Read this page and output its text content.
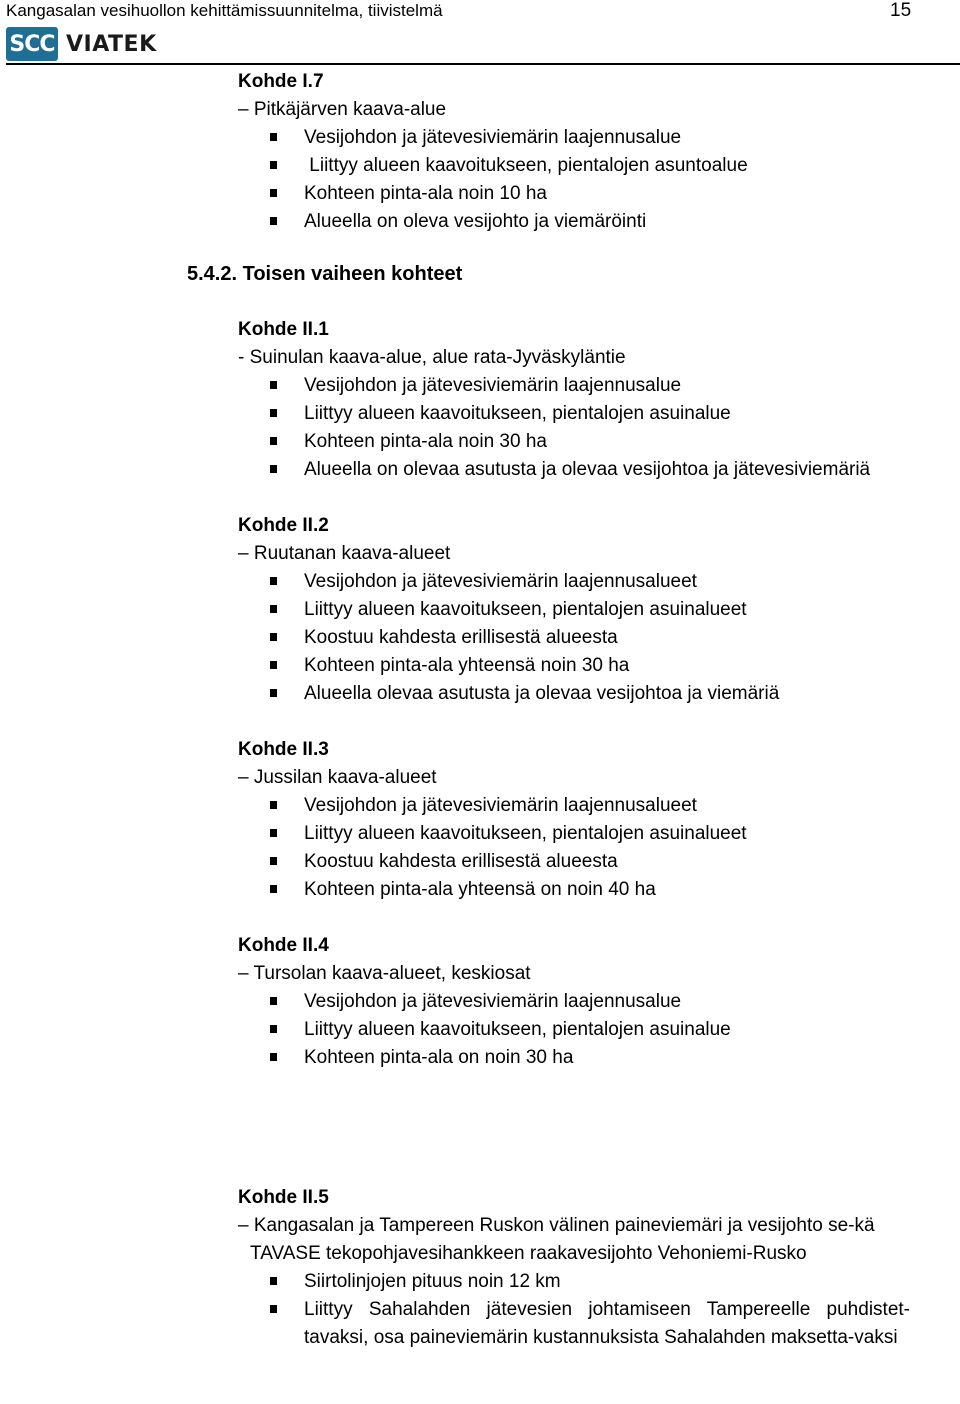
Kangasalan vesihuollon kehittämissuunnitelma, tiivistelmä	15
SCC VIATEK
Kohde I.7
– Pitkäjärven kaava-alue
Vesijohdon ja jätevesiviemärin laajennusalue
Liittyy alueen kaavoitukseen, pientalojen asuntoalue
Kohteen pinta-ala noin 10 ha
Alueella on oleva vesijohto ja viemäröinti
5.4.2. Toisen vaiheen kohteet
Kohde II.1
- Suinulan kaava-alue, alue rata-Jyväskyläntie
Vesijohdon ja jätevesiviemärin laajennusalue
Liittyy alueen kaavoitukseen, pientalojen asuinalue
Kohteen pinta-ala noin 30 ha
Alueella on olevaa asutusta ja olevaa vesijohtoa ja jätevesiviemäriä
Kohde II.2
– Ruutanan kaava-alueet
Vesijohdon ja jätevesiviemärin laajennusalueet
Liittyy alueen kaavoitukseen, pientalojen asuinalueet
Koostuu kahdesta erillisestä alueesta
Kohteen pinta-ala yhteensä noin 30 ha
Alueella olevaa asutusta ja olevaa vesijohtoa ja viemäriä
Kohde II.3
– Jussilan kaava-alueet
Vesijohdon ja jätevesiviemärin laajennusalueet
Liittyy alueen kaavoitukseen, pientalojen asuinalueet
Koostuu kahdesta erillisestä alueesta
Kohteen pinta-ala yhteensä on noin 40 ha
Kohde II.4
– Tursolan kaava-alueet, keskiosat
Vesijohdon ja jätevesiviemärin laajennusalue
Liittyy alueen kaavoitukseen, pientalojen asuinalue
Kohteen pinta-ala on noin 30 ha
Kohde II.5
– Kangasalan ja Tampereen Ruskon välinen paineviemäri ja vesijohto se-kä
TAVASE tekopohjavesihankkeen raakavesijohto Vehoniemi-Rusko
Siirtolinjojen pituus noin 12 km
Liittyy Sahalahden jätevesien johtamiseen Tampereelle puhdistet-tavaksi, osa paineviemärin kustannuksista Sahalahden maksetta-vaksi
